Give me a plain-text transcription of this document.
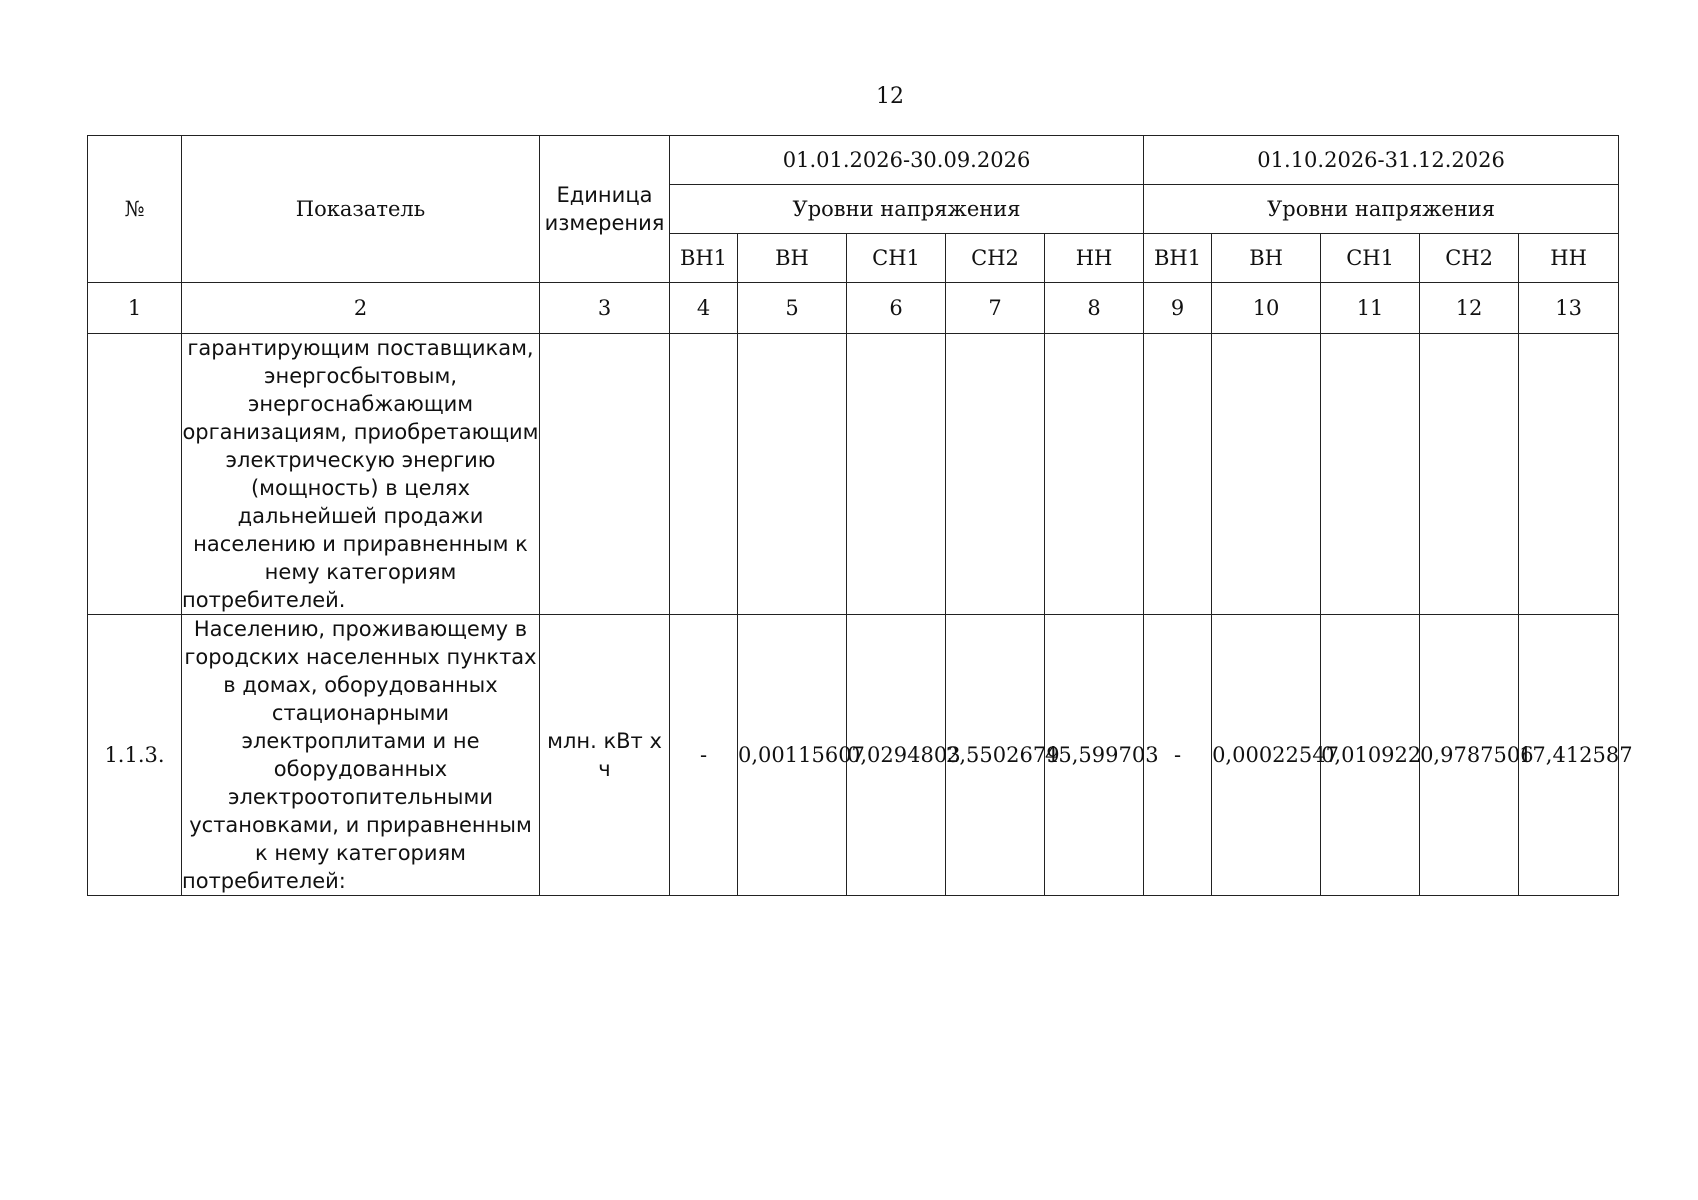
12
№	Показатель	Единица измерения	01.01.2026-30.09.2026					01.10.2026-31.12.2026				
			Уровни напряжения					Уровни напряжения				
			ВН1	ВН	СН1	СН2	НН	ВН1	ВН	СН1	СН2	НН
1	2	3	4	5	6	7	8	9	10	11	12	13
	гарантирующим поставщикам, энергосбытовым, энергоснабжающим организациям, приобретающим электрическую энергию (мощность) в целях дальнейшей продажи населению и приравненным к нему категориям потребителей.											
1.1.3.	Населению, проживающему в городских населенных пунктах в домах, оборудованных стационарными электроплитами и не оборудованных электроотопительными установками, и приравненным к нему категориям потребителей:	млн. кВт х ч	-	0,00115607	0,0294803	2,5502679	45,599703	-	0,00022547	0,010922	0,9787506	17,412587
